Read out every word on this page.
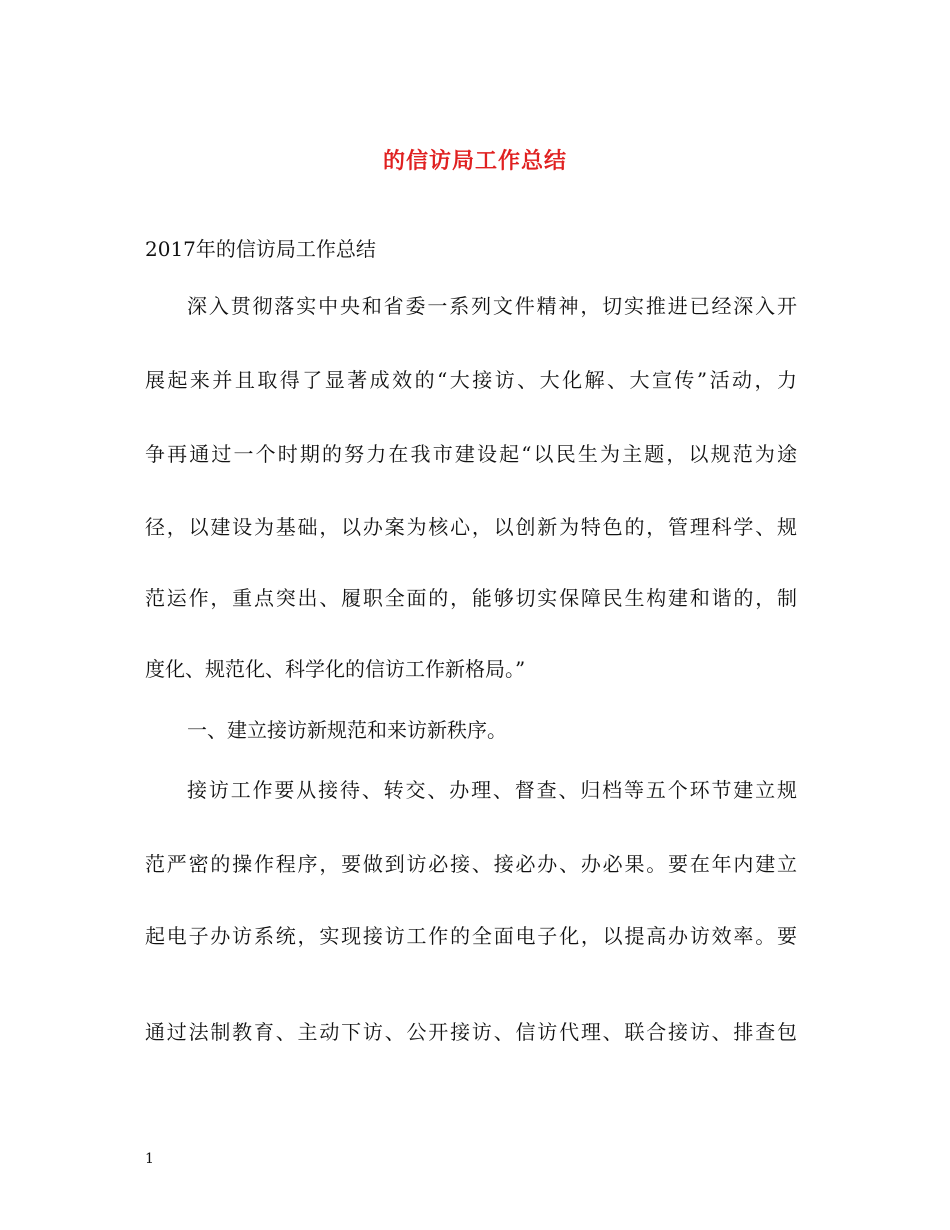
的信访局工作总结
2017年的信访局工作总结
深入贯彻落实中央和省委一系列文件精神，切实推进已经深入开
展起来并且取得了显著成效的“大接访、大化解、大宣传”活动，力
争再通过一个时期的努力在我市建设起“以民生为主题，以规范为途
径，以建设为基础，以办案为核心，以创新为特色的，管理科学、规
范运作，重点突出、履职全面的，能够切实保障民生构建和谐的，制
度化、规范化、科学化的信访工作新格局。”
一、建立接访新规范和来访新秩序。
接访工作要从接待、转交、办理、督查、归档等五个环节建立规
范严密的操作程序，要做到访必接、接必办、办必果。要在年内建立
起电子办访系统，实现接访工作的全面电子化，以提高办访效率。要
通过法制教育、主动下访、公开接访、信访代理、联合接访、排查包
1
